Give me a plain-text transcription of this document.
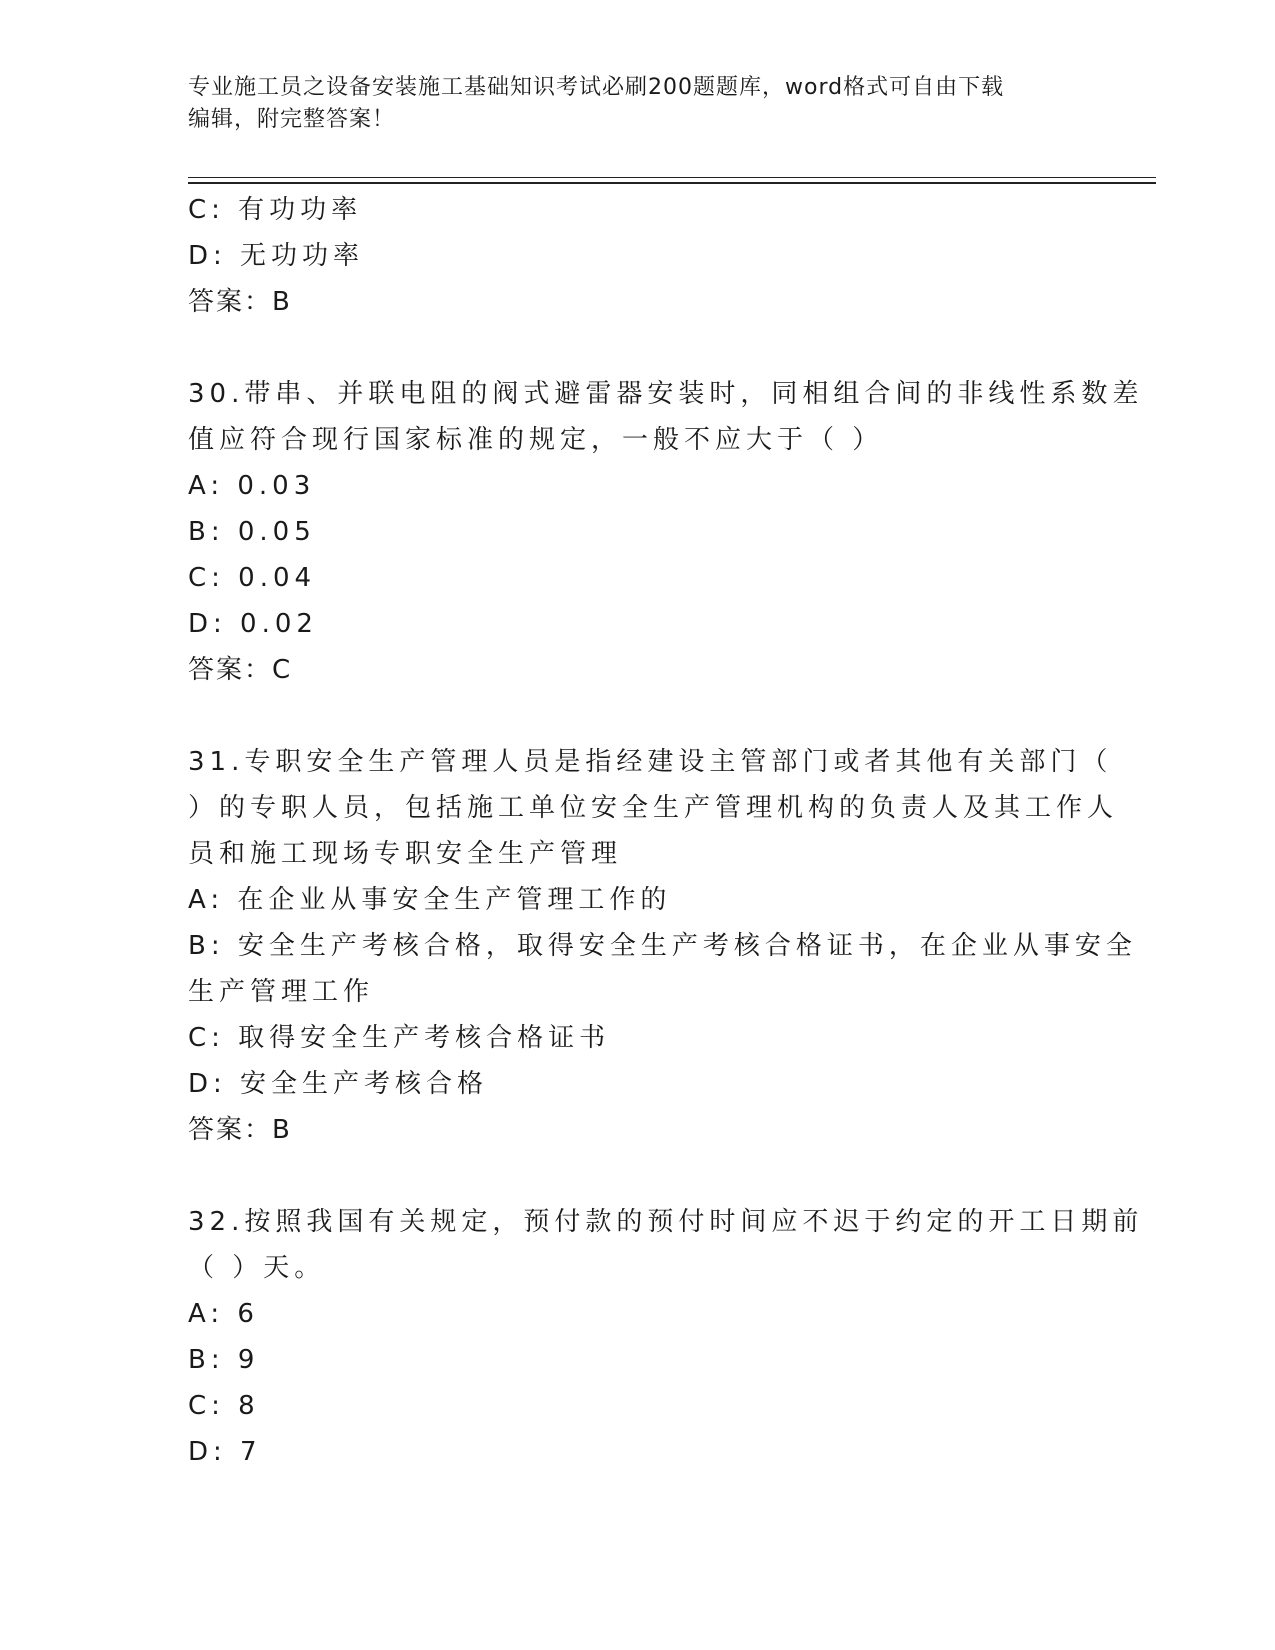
专业施工员之设备安装施工基础知识考试必刷200题题库，word格式可自由下载
编辑，附完整答案！
C: 有功功率
D: 无功功率
答案：B
30.带串、并联电阻的阀式避雷器安装时，同相组合间的非线性系数差
值应符合现行国家标准的规定，一般不应大于（ ）
A: 0.03
B: 0.05
C: 0.04
D: 0.02
答案：C
31.专职安全生产管理人员是指经建设主管部门或者其他有关部门（
）的专职人员，包括施工单位安全生产管理机构的负责人及其工作人
员和施工现场专职安全生产管理
A: 在企业从事安全生产管理工作的
B: 安全生产考核合格，取得安全生产考核合格证书，在企业从事安全
生产管理工作
C: 取得安全生产考核合格证书
D: 安全生产考核合格
答案：B
32.按照我国有关规定，预付款的预付时间应不迟于约定的开工日期前
（ ）天。
A: 6
B: 9
C: 8
D: 7
